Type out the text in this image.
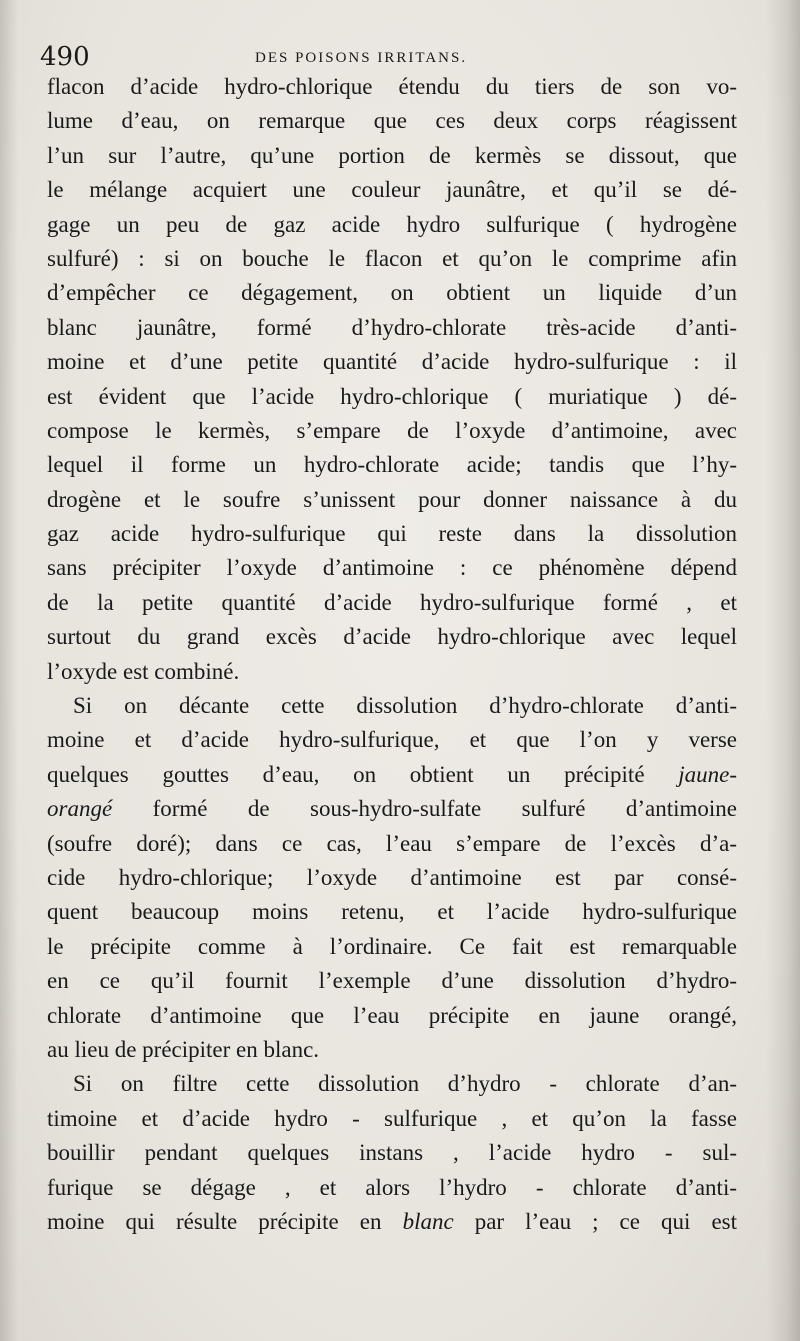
490	DES POISONS IRRITANS.
flacon d’acide hydro-chlorique étendu du tiers de son vo-
lume d’eau, on remarque que ces deux corps réagissent
l’un sur l’autre, qu’une portion de kermès se dissout, que
le mélange acquiert une couleur jaunâtre, et qu’il se dé-
gage un peu de gaz acide hydro sulfurique ( hydrogène
sulfuré) : si on bouche le flacon et qu’on le comprime afin
d’empêcher ce dégagement, on obtient un liquide d’un
blanc jaunâtre, formé d’hydro-chlorate très-acide d’anti-
moine et d’une petite quantité d’acide hydro-sulfurique : il
est évident que l’acide hydro-chlorique ( muriatique ) dé-
compose le kermès, s’empare de l’oxyde d’antimoine, avec
lequel il forme un hydro-chlorate acide; tandis que l’hy-
drogène et le soufre s’unissent pour donner naissance à du
gaz acide hydro-sulfurique qui reste dans la dissolution
sans précipiter l’oxyde d’antimoine : ce phénomène dépend
de la petite quantité d’acide hydro-sulfurique formé , et
surtout du grand excès d’acide hydro-chlorique avec lequel
l’oxyde est combiné.
Si on décante cette dissolution d’hydro-chlorate d’anti-
moine et d’acide hydro-sulfurique, et que l’on y verse
quelques gouttes d’eau, on obtient un précipité jaune-
orangé formé de sous-hydro-sulfate sulfuré d’antimoine
(soufre doré); dans ce cas, l’eau s’empare de l’excès d’a-
cide hydro-chlorique; l’oxyde d’antimoine est par consé-
quent beaucoup moins retenu, et l’acide hydro-sulfurique
le précipite comme à l’ordinaire. Ce fait est remarquable
en ce qu’il fournit l’exemple d’une dissolution d’hydro-
chlorate d’antimoine que l’eau précipite en jaune orangé,
au lieu de précipiter en blanc.
Si on filtre cette dissolution d’hydro - chlorate d’an-
timoine et d’acide hydro - sulfurique , et qu’on la fasse
bouillir pendant quelques instans , l’acide hydro - sul-
furique se dégage , et alors l’hydro - chlorate d’anti-
moine qui résulte précipite en blanc par l’eau ; ce qui est
